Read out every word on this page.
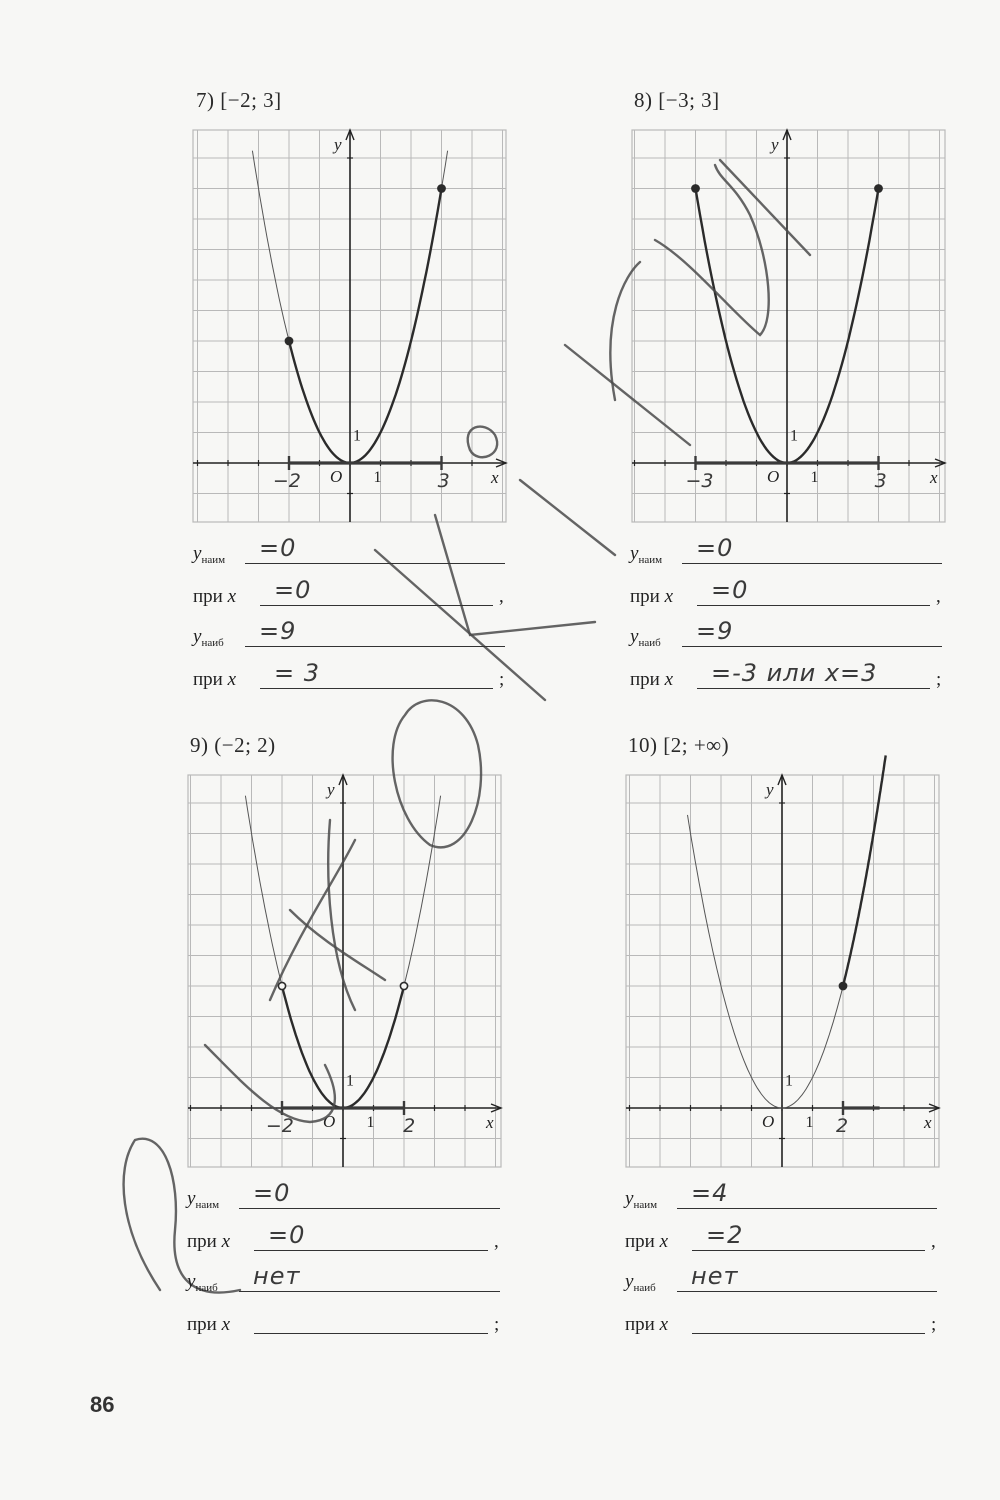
x
y
O 1
1
−2	3	x
y
O 1
1
−3	3
x
y
O 1
1
−2	2	x
y
O 1
1
2
7) [−2; 3]	8) [−3; 3]
9) (−2; 2)	10) [2; +∞)
$y_{наим} =0$
при x =0	,
$y_{наиб} =9$
при x = 3	;
$y_{наим} =0$
при x =0	,
$y_{наиб} =9$
при x =-3 или x=3	;
$y_{наим} =0$
при x =0	,
$y_{наиб}$ нет
при x	;
$y_{наим} =4$
при x =2	,
$y_{наиб}$ нет
при x	;
86
